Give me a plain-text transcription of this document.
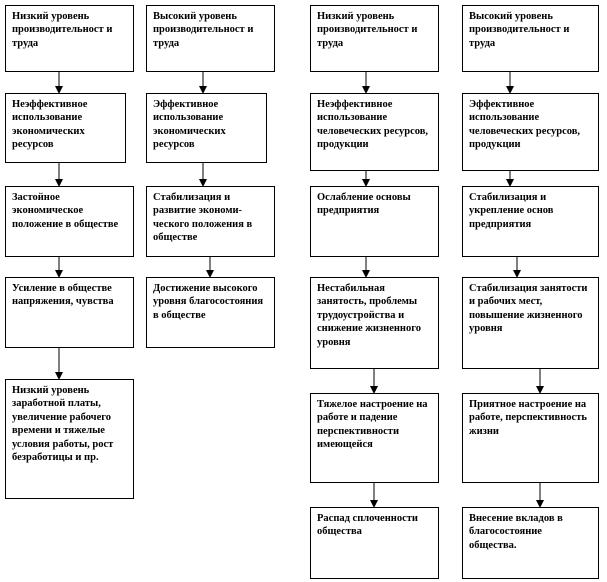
Низкий уровень производительност и труда
Неэффективное использование экономических ресурсов
Застойное экономическое положение в обществе
Усиление в обществе напряжения, чувства
Низкий уровень заработной платы, увеличение рабочего времени и тяжелые условия работы, рост безработицы и пр.
Высокий уровень производительност и труда
Эффективное использование экономических ресурсов
Стабилизация и развитие экономи-ческого положения в обществе
Достижение высокого уровня благосостояния в обществе
Низкий уровень производительност и труда
Неэффективное использование человеческих ресурсов, продукции
Ослабление основы предприятия
Нестабильная занятость, проблемы трудоустройства и снижение жизненного уровня
Тяжелое настроение на работе и падение перспективности имеющейся
Распад сплоченности общества
Высокий уровень производительност и труда
Эффективное использование человеческих ресурсов, продукции
Стабилизация и укрепление основ предприятия
Стабилизация занятости и рабочих мест, повышение жизненного уровня
Приятное настроение на работе, перспективность жизни
Внесение вкладов в благосостояние общества.
